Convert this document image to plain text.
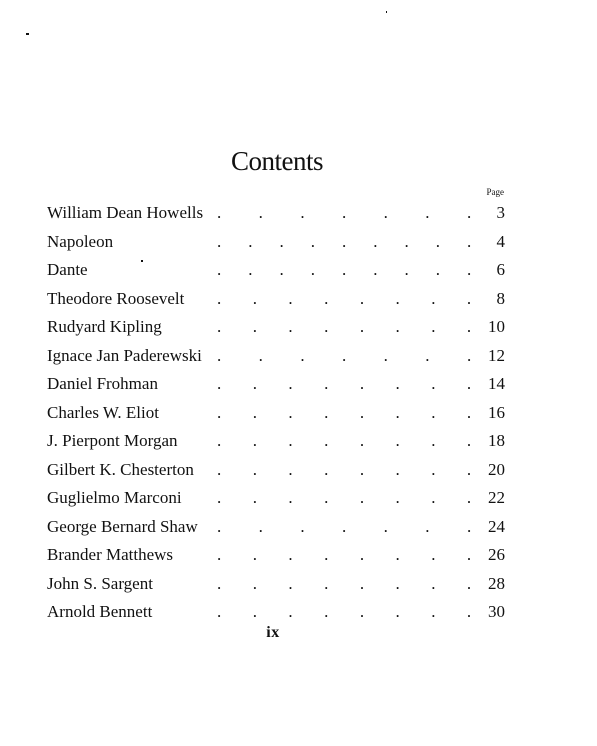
Contents
Page
. . . . . . .
William Dean Howells	3
. . . . . . . . .
Napoleon	4
. . . . . . . . .
Dante	6
. . . . . . . .
Theodore Roosevelt	8
. . . . . . . .
Rudyard Kipling	10
. . . . . . .
Ignace Jan Paderewski	12
. . . . . . . .
Daniel Frohman	14
. . . . . . . .
Charles W. Eliot	16
. . . . . . . .
J. Pierpont Morgan	18
. . . . . . . .
Gilbert K. Chesterton	20
. . . . . . . .
Guglielmo Marconi	22
. . . . . . .
George Bernard Shaw	24
. . . . . . . .
Brander Matthews	26
. . . . . . . .
John S. Sargent	28
. . . . . . . .
Arnold Bennett	30
ix
